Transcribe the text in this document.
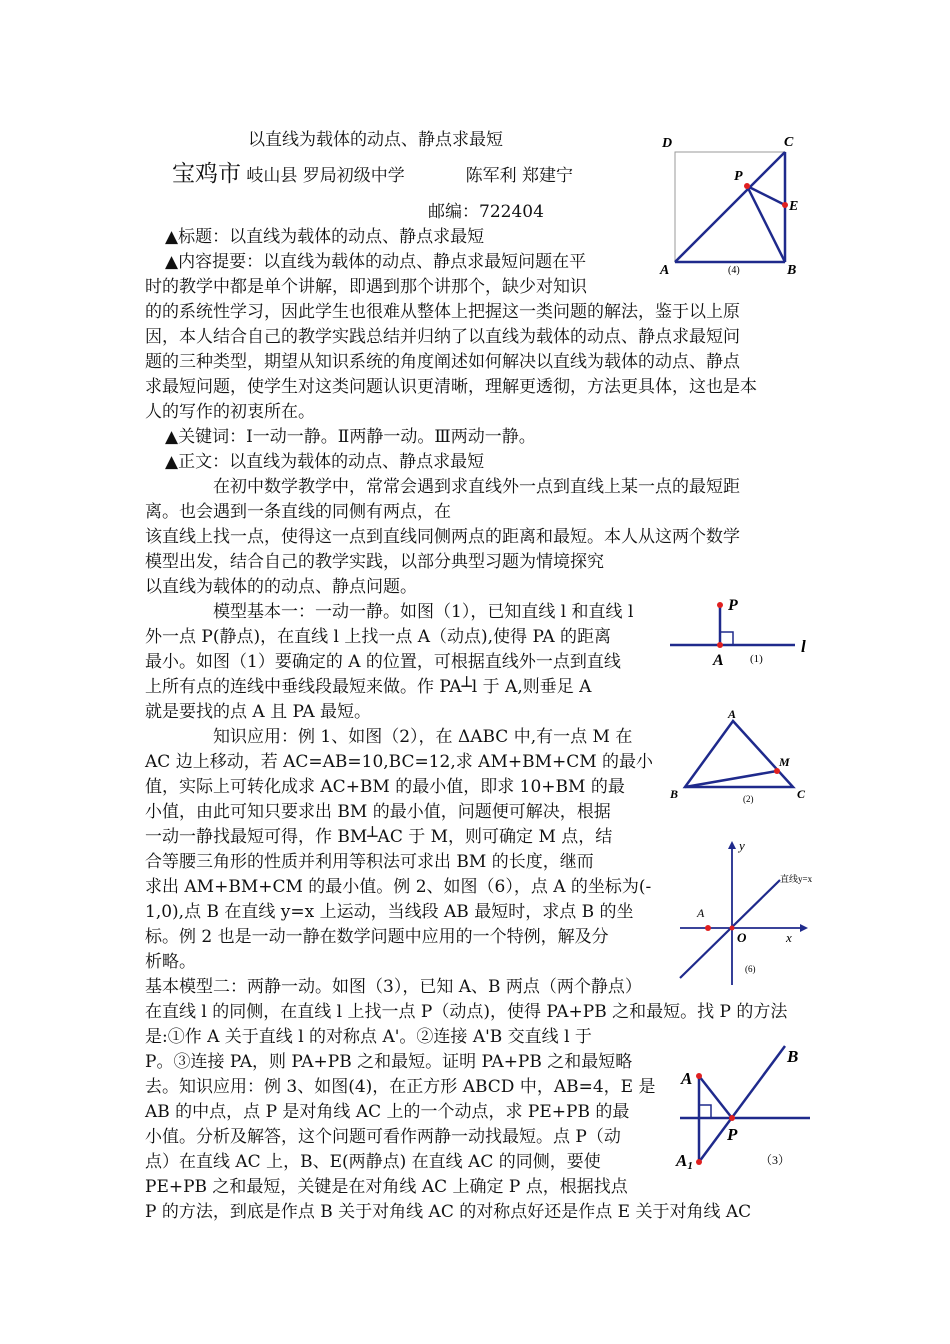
以直线为载体的动点、静点求最短
宝鸡市 岐山县 罗局初级中学	陈军利 郑建宁
邮编：722404
▲标题：以直线为载体的动点、静点求最短
▲内容提要：以直线为载体的动点、静点求最短问题在平
时的教学中都是单个讲解，即遇到那个讲那个，缺少对知识
的的系统性学习，因此学生也很难从整体上把握这一类问题的解法，鉴于以上原
因，本人结合自己的教学实践总结并归纳了以直线为载体的动点、静点求最短问
题的三种类型，期望从知识系统的角度阐述如何解决以直线为载体的动点、静点
求最短问题，使学生对这类问题认识更清晰，理解更透彻，方法更具体，这也是本
人的写作的初衷所在。
▲关键词：Ⅰ一动一静。Ⅱ两静一动。Ⅲ两动一静。
▲正文：以直线为载体的动点、静点求最短
在初中数学教学中，常常会遇到求直线外一点到直线上某一点的最短距
离。也会遇到一条直线的同侧有两点，在
该直线上找一点，使得这一点到直线同侧两点的距离和最短。本人从这两个数学
模型出发，结合自己的教学实践，以部分典型习题为情境探究
以直线为载体的的动点、静点问题。
模型基本一：一动一静。如图（1），已知直线 l 和直线 l
外一点 P(静点)，在直线 l 上找一点 A（动点),使得 PA 的距离
最小。如图（1）要确定的 A 的位置，可根据直线外一点到直线
上所有点的连线中垂线段最短来做。作 PA┴l 于 A,则垂足 A
就是要找的点 A 且 PA 最短。
知识应用：例 1、如图（2），在 ΔABC 中,有一点 M 在
AC 边上移动，若 AC=AB=10,BC=12,求 AM+BM+CM 的最小
值，实际上可转化成求 AC+BM 的最小值，即求 10+BM 的最
小值，由此可知只要求出 BM 的最小值，问题便可解决，根据
一动一静找最短可得，作 BM┴AC 于 M，则可确定 M 点，结
合等腰三角形的性质并利用等积法可求出 BM 的长度，继而
求出 AM+BM+CM 的最小值。例 2、如图（6），点 A 的坐标为(-
1,0),点 B 在直线 y=x 上运动，当线段 AB 最短时，求点 B 的坐
标。例 2 也是一动一静在数学问题中应用的一个特例，解及分
析略。
基本模型二：两静一动。如图（3），已知 A、B 两点（两个静点）
在直线 l 的同侧，在直线 l 上找一点 P（动点)，使得 PA+PB 之和最短。找 P 的方法
是:①作 A 关于直线 l 的对称点 A'。②连接 A'B 交直线 l 于
P。③连接 PA，则 PA+PB 之和最短。证明 PA+PB 之和最短略
去。知识应用：例 3、如图(4)，在正方形 ABCD 中，AB=4，E 是
AB 的中点，点 P 是对角线 AC 上的一个动点，求 PE+PB 的最
小值。分析及解答，这个问题可看作两静一动找最短。点 P（动
点）在直线 AC 上，B、E(两静点) 在直线 AC 的同侧，要使
PE+PB 之和最短，关键是在对角线 AC 上确定 P 点，根据找点
P 的方法，到底是作点 B 关于对角线 AC 的对称点好还是作点 E 关于对角线 AC
D	C
P
E
A	B
(4)
P
A
l
(1)
A
M
B	C
(2)
y
直线y=x
A
O	x
(6)
B
A
P
A1	（3）
